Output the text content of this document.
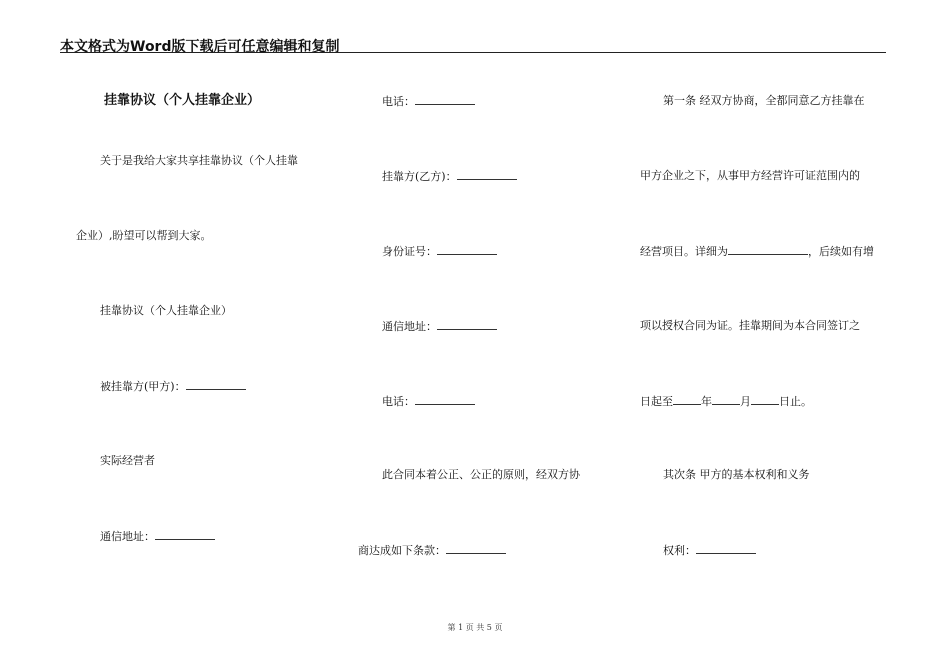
本文格式为Word版下载后可任意编辑和复制
挂靠协议（个人挂靠企业）
关于是我给大家共享挂靠协议（个人挂靠
企业）,盼望可以帮到大家。
挂靠协议（个人挂靠企业）
被挂靠方(甲方)：
实际经营者
通信地址：
电话：
挂靠方(乙方)：
身份证号：
通信地址：
电话：
此合同本着公正、公正的原则，经双方协
商达成如下条款：
第一条 经双方协商，全都同意乙方挂靠在
甲方企业之下，从事甲方经营许可证范围内的
经营项目。详细为	，后续如有增
项以授权合同为证。挂靠期间为本合同签订之
日起至	年	月	日止。
其次条 甲方的基本权利和义务
权利：
第 1 页 共 5 页
